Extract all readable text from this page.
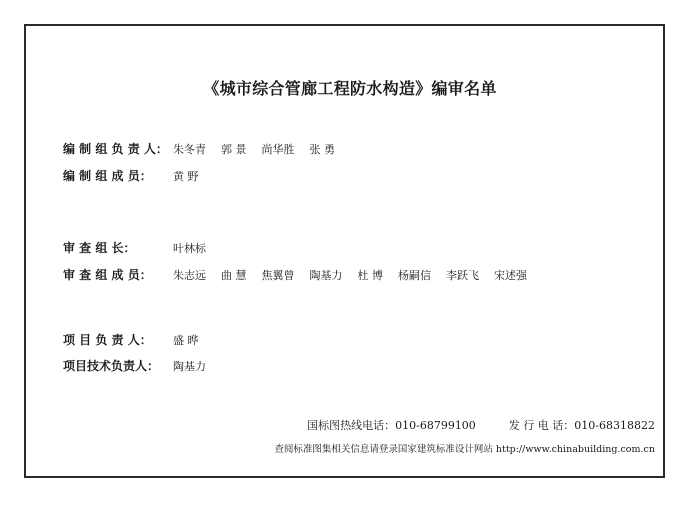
《城市综合管廊工程防水构造》编审名单
编 制 组 负 责 人： 朱冬青 郭 景 尚华胜 张 勇
编 制 组 成 员：	黄 野
审 查 组 长：	叶林标
审 查 组 成 员：	朱志远 曲 慧 焦翼曾 陶基力 杜 博 杨嗣信 李跃飞 宋述强
项 目 负 责 人：	盛 晔
项目技术负责人：	陶基力
国标图热线电话：010-68799100　　　发 行 电 话：010-68318822
查阅标准图集相关信息请登录国家建筑标准设计网站 http://www.chinabuilding.com.cn
